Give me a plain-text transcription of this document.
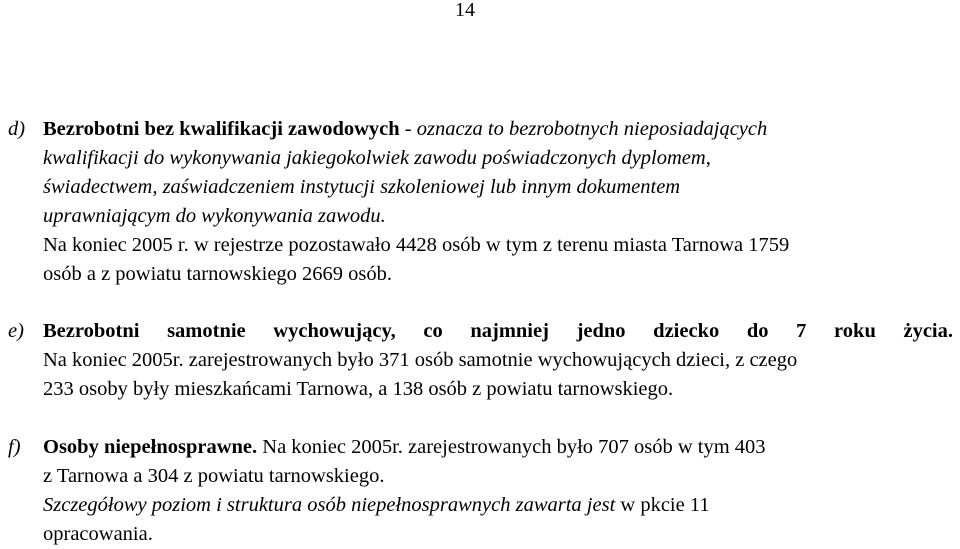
14
d) Bezrobotni bez kwalifikacji zawodowych - oznacza to bezrobotnych nieposiadających
kwalifikacji do wykonywania jakiegokolwiek zawodu poświadczonych dyplomem,
świadectwem, zaświadczeniem instytucji szkoleniowej lub innym dokumentem
uprawniającym do wykonywania zawodu.
Na koniec 2005 r. w rejestrze pozostawało 4428 osób w tym z terenu miasta Tarnowa 1759
osób a z powiatu tarnowskiego 2669 osób.
e) Bezrobotni samotnie wychowujący, co najmniej jedno dziecko do 7 roku życia.
Na koniec 2005r. zarejestrowanych było 371 osób samotnie wychowujących dzieci, z czego
233 osoby były mieszkańcami Tarnowa, a 138 osób z powiatu tarnowskiego.
f) Osoby niepełnosprawne. Na koniec 2005r. zarejestrowanych było 707 osób w tym 403
z Tarnowa a 304 z powiatu tarnowskiego.
Szczegółowy poziom i struktura osób niepełnosprawnych zawarta jest w pkcie 11
opracowania.
